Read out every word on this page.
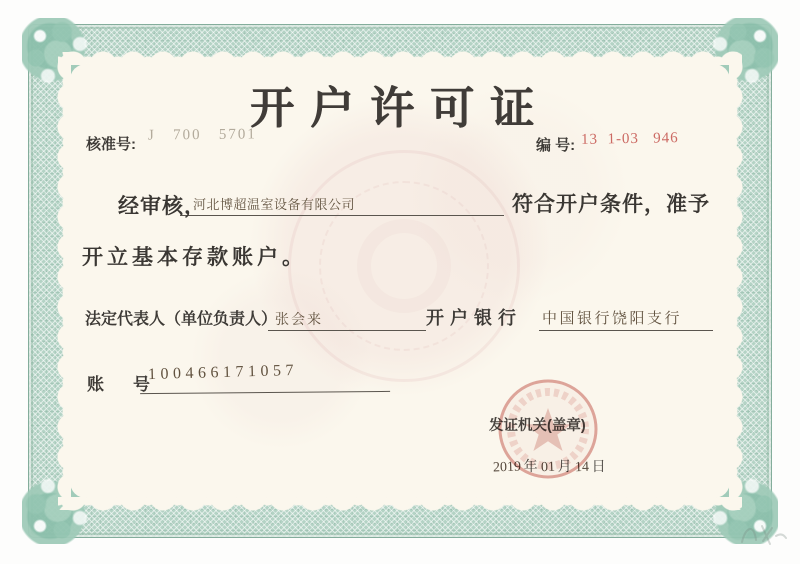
开户许可证
核准号:
J   700   5701
编 号: 13  1-03   946
经审核，
河北博超温室设备有限公司	符合开户条件，准予
开立基本存款账户。
法定代表人（单位负责人）
张会来	开户银行 中国银行饶阳支行
账　号
100466171057
发证机关(盖章)

2019 年 01 月 14 日
